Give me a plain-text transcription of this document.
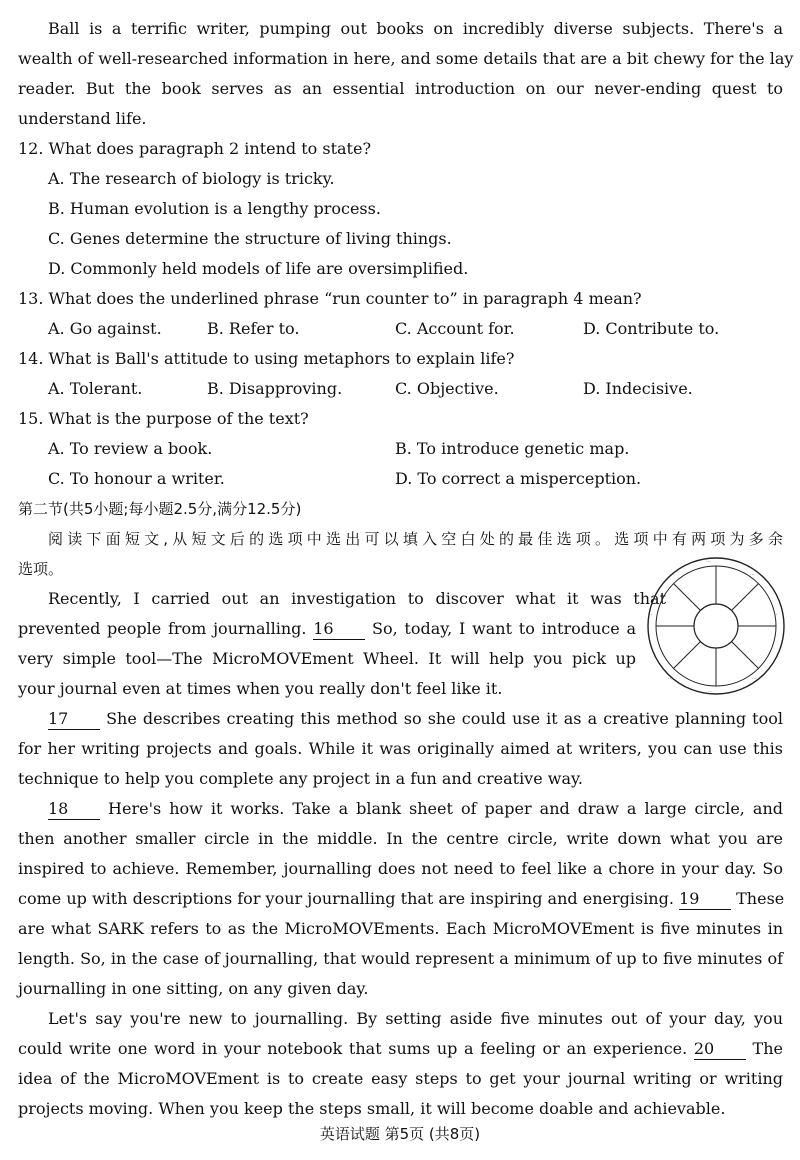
Ball is a terrific writer, pumping out books on incredibly diverse subjects. There's a
wealth of well-researched information in here, and some details that are a bit chewy for the lay
reader. But the book serves as an essential introduction on our never-ending quest to
understand life.
12. What does paragraph 2 intend to state?
A. The research of biology is tricky.
B. Human evolution is a lengthy process.
C. Genes determine the structure of living things.
D. Commonly held models of life are oversimplified.
13. What does the underlined phrase “run counter to” in paragraph 4 mean?
A. Go against.	B. Refer to.	C. Account for.	D. Contribute to.
14. What is Ball's attitude to using metaphors to explain life?
A. Tolerant.	B. Disapproving.	C. Objective.	D. Indecisive.
15. What is the purpose of the text?
A. To review a book.	B. To introduce genetic map.
C. To honour a writer.	D. To correct a misperception.
第二节(共5小题;每小题2.5分,满分12.5分)
阅读下面短文,从短文后的选项中选出可以填入空白处的最佳选项。选项中有两项为多余
选项。
Recently, I carried out an investigation to discover what it was that
prevented people from journalling. 16 So, today, I want to introduce a
very simple tool—The MicroMOVEment Wheel. It will help you pick up
your journal even at times when you really don't feel like it.
17 She describes creating this method so she could use it as a creative planning tool
for her writing projects and goals. While it was originally aimed at writers, you can use this
technique to help you complete any project in a fun and creative way.
18 Here's how it works. Take a blank sheet of paper and draw a large circle, and
then another smaller circle in the middle. In the centre circle, write down what you are
inspired to achieve. Remember, journalling does not need to feel like a chore in your day. So
come up with descriptions for your journalling that are inspiring and energising. 19 These
are what SARK refers to as the MicroMOVEments. Each MicroMOVEment is five minutes in
length. So, in the case of journalling, that would represent a minimum of up to five minutes of
journalling in one sitting, on any given day.
Let's say you're new to journalling. By setting aside five minutes out of your day, you
could write one word in your notebook that sums up a feeling or an experience. 20 The
idea of the MicroMOVEment is to create easy steps to get your journal writing or writing
projects moving. When you keep the steps small, it will become doable and achievable.
···
···
··
···
···
···
··
···
英语试题 第5页 (共8页)
